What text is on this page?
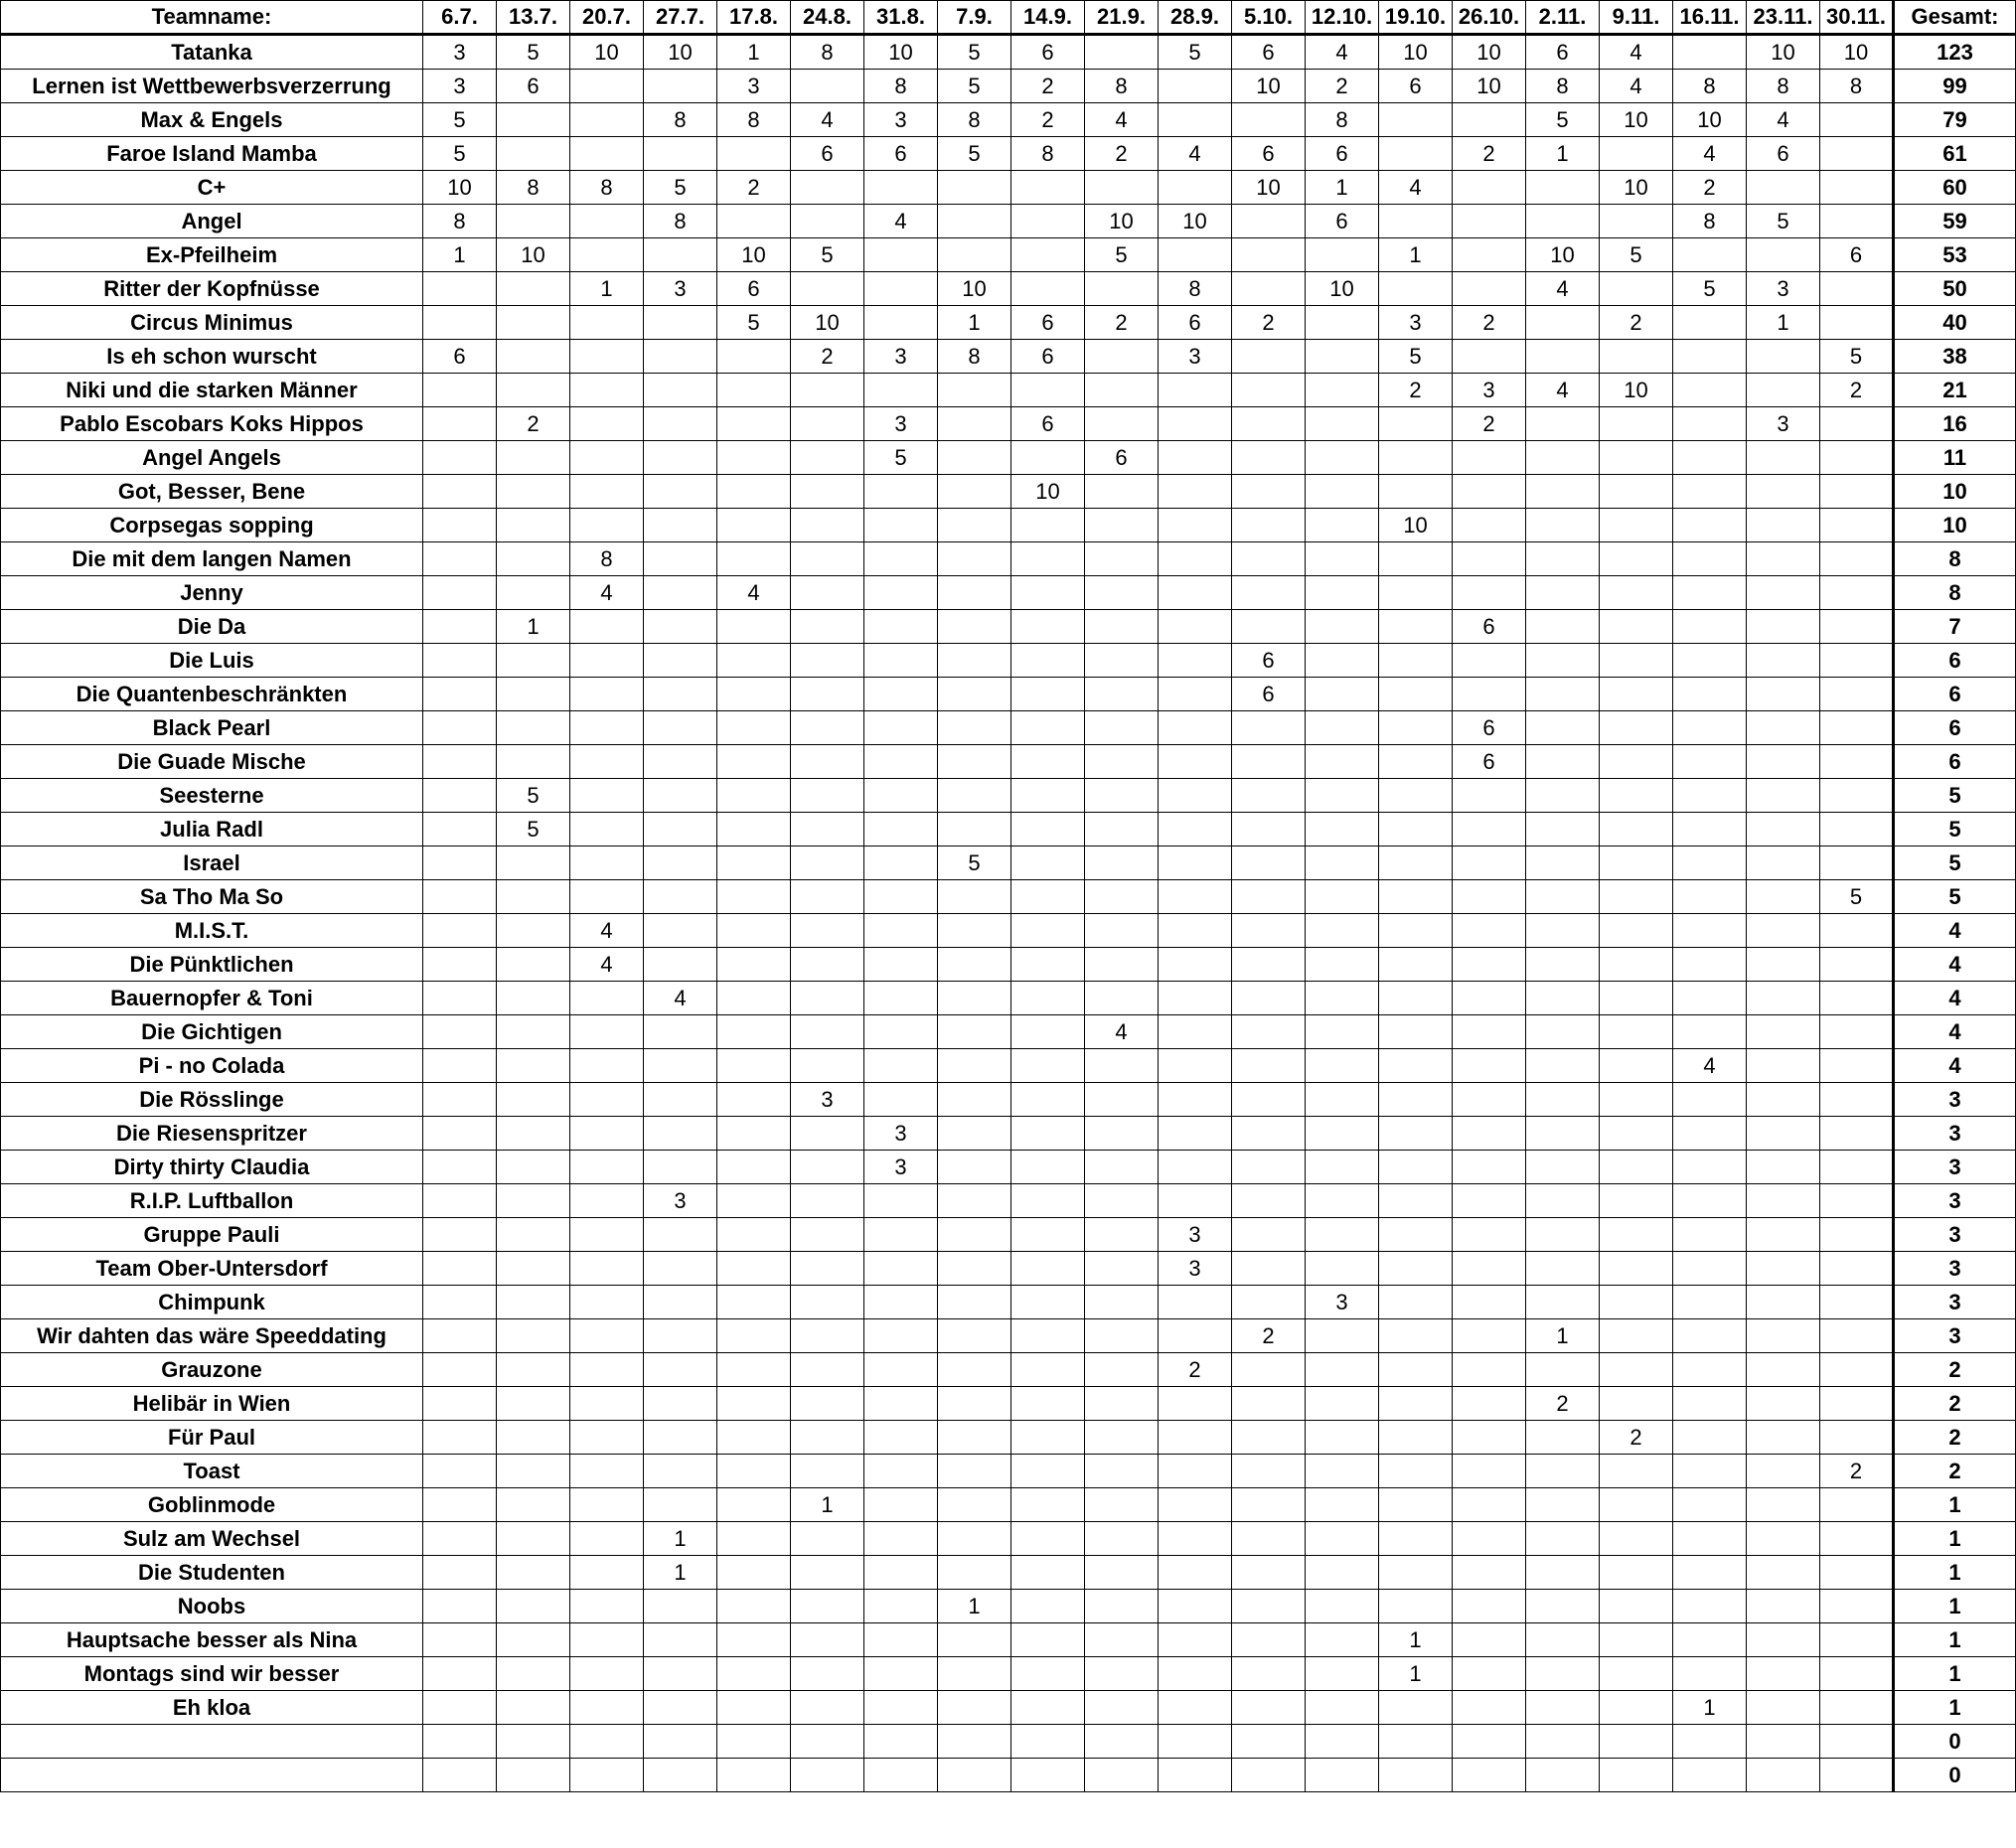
Teamname:	6.7.	13.7.	20.7.	27.7.	17.8.	24.8.	31.8.	7.9.	14.9.	21.9.	28.9.	5.10.	12.10.	19.10.	26.10.	2.11.	9.11.	16.11.	23.11.	30.11.	Gesamt:
Tatanka	3	5	10	10	1	8	10	5	6		5	6	4	10	10	6	4		10	10	123
Lernen ist Wettbewerbsverzerrung	3	6			3		8	5	2	8		10	2	6	10	8	4	8	8	8	99
Max & Engels	5			8	8	4	3	8	2	4			8			5	10	10	4		79
Faroe Island Mamba	5					6	6	5	8	2	4	6	6		2	1		4	6		61
C+	10	8	8	5	2							10	1	4			10	2			60
Angel	8			8			4			10	10		6					8	5		59
Ex-Pfeilheim	1	10			10	5				5				1		10	5			6	53
Ritter der Kopfnüsse			1	3	6			10			8		10			4		5	3		50
Circus Minimus					5	10		1	6	2	6	2		3	2		2		1		40
Is eh schon wurscht	6					2	3	8	6		3			5						5	38
Niki und die starken Männer														2	3	4	10			2	21
Pablo Escobars Koks Hippos		2					3		6						2				3		16
Angel Angels							5			6											11
Got, Besser, Bene									10												10
Corpsegas sopping														10							10
Die mit dem langen Namen			8																		8
Jenny			4		4																8
Die Da		1													6						7
Die Luis												6									6
Die Quantenbeschränkten												6									6
Black Pearl															6						6
Die Guade Mische															6						6
Seesterne		5																			5
Julia Radl		5																			5
Israel								5													5
Sa Tho Ma So																				5	5
M.I.S.T.			4																		4
Die Pünktlichen			4																		4
Bauernopfer & Toni				4																	4
Die Gichtigen										4											4
Pi - no Colada																		4			4
Die Rösslinge						3															3
Die Riesenspritzer							3														3
Dirty thirty Claudia							3														3
R.I.P. Luftballon				3																	3
Gruppe Pauli											3										3
Team Ober-Untersdorf											3										3
Chimpunk													3								3
Wir dahten das wäre Speeddating												2				1					3
Grauzone											2										2
Helibär in Wien																2					2
Für Paul																	2				2
Toast																				2	2
Goblinmode						1															1
Sulz am Wechsel				1																	1
Die Studenten				1																	1
Noobs								1													1
Hauptsache besser als Nina														1							1
Montags sind wir besser														1							1
Eh kloa																		1			1
																					0
																					0
